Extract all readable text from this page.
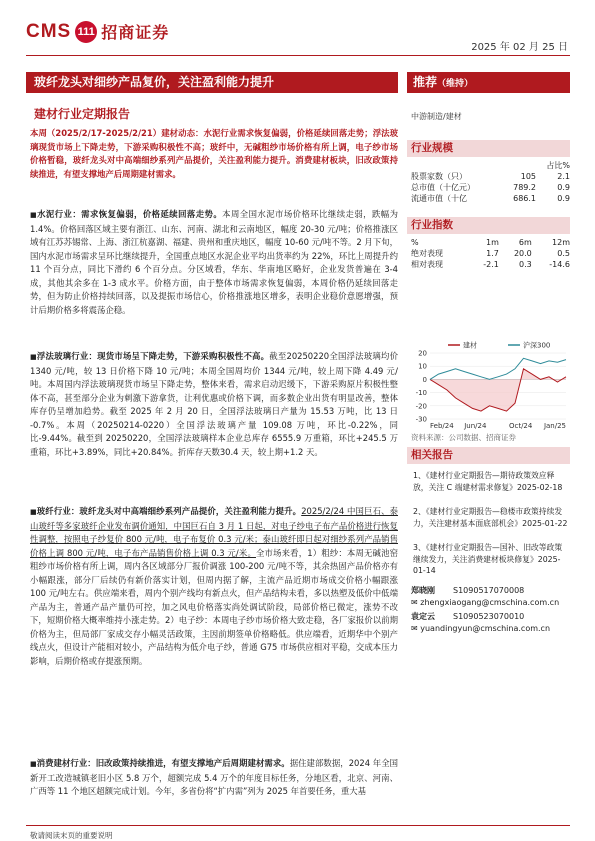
CMS 111 招商证券
2025 年 02 月 25 日
玻纤龙头对细纱产品复价，关注盈利能力提升	推荐（维持）
建材行业定期报告
本周（2025/2/17-2025/2/21）建材动态：水泥行业需求恢复偏弱，价格延续回落走势；浮法玻璃现货市场上下降走势，下游采购积极性不高；玻纤中，无碱粗纱市场价格有所上调，电子纱市场价格暂稳，玻纤龙头对中高端细纱系列产品提价，关注盈利能力提升。消费建材板块，旧改政策持续推进，有望支撑地产后周期建材需求。
■ 水泥行业：需求恢复偏弱，价格延续回落走势。本周全国水泥市场价格环比继续走弱，跌幅为 1.4%。价格回落区域主要有浙江、山东、河南、湖北和云南地区，幅度 20-30 元/吨；价格推涨区域有江苏苏锡常、上海、浙江杭嘉湖、福建、贵州和重庆地区，幅度 10-60 元/吨不等。2 月下旬，国内水泥市场需求呈环比继续提升，全国重点地区水泥企业平均出货率约为 22%，环比上周提升约 11 个百分点，同比下滑约 6 个百分点。分区域看，华东、华南地区略好，企业发货普遍在 3-4 成，其他其余多在 1-3 成水平。价格方面，由于整体市场需求恢复偏弱，本周价格仍延续回落走势，但为防止价格持续回落，以及提振市场信心，价格推涨地区增多，表明企业稳价意愿增强，预计后期价格多将震荡企稳。
■ 浮法玻璃行业：现货市场呈下降走势，下游采购积极性不高。截至20250220全国浮法玻璃均价 1340 元/吨，较 13 日价格下降 10 元/吨；本周全国周均价 1344 元/吨，较上周下降 4.49 元/吨。本周国内浮法玻璃现货市场呈下降走势，整体来看，需求启动迟缓下，下游采购原片积极性整体不高，甚至部分企业为刺激下游拿货，让利优惠或价格下调，而多数企业出货有明显改善，整体库存仍呈增加趋势。截至 2025 年 2 月 20 日，全国浮法玻璃日产量为 15.53 万吨，比 13 日 -0.7%。本周（20250214-0220）全国浮法玻璃产量 109.08 万吨，环比-0.22%，同比-9.44%。截至到 20250220，全国浮法玻璃样本企业总库存 6555.9 万重箱，环比+245.5 万重箱，环比+3.89%，同比+20.84%。折库存天数30.4 天，较上期+1.2 天。
■ 玻纤行业：玻纤龙头对中高端细纱系列产品提价，关注盈利能力提升。2025/2/24 中国巨石、泰山玻纤等多家玻纤企业发布调价通知，中国巨石自 3 月 1 日起，对电子纱电子布产品价格进行恢复性调整，按照电子纱复价 800 元/吨，电子布复价 0.3 元/米；泰山玻纤即日起对细纱系列产品销售价格上调 800 元/吨，电子布产品销售价格上调 0.3 元/米。全市场来看，1）粗纱：本周无碱池窑粗纱市场价格有所上调，周内各区域部分厂报价调涨 100-200 元/吨不等，其余热固产品价格亦有小幅跟涨，部分厂后续仍有新价落实计划，但周内据了解，主流产品近期市场成交价格小幅跟涨 100 元/吨左右。供应端来看，周内个别产线均有新点火，但产品结构未看，多以热塑及低价中低端产品为主，普通产品产量仍可控，加之风电价格落实尚处调试阶段，局部价格已微定，涨势不改下，短期价格大概率维持小涨走势。2）电子纱：本周电子纱市场价格大致走稳，各厂家报价以前期价格为主，但局部厂家成交存小幅灵活政策，主因前期签单价格略低。供应端看，近期华中个别产线点火，但设计产能相对较小，产品结构为低介电子纱，普通 G75 市场供应相对平稳，交成本压力影响，后期价格或存提涨预期。
■ 消费建材行业：旧改政策持续推进，有望支撑地产后周期建材需求。据住建部数据，2024 年全国新开工改造城镇老旧小区 5.8 万个，超额完成 5.4 万个的年度目标任务，分地区看，北京、河南、广西等 11 个地区超额完成计划。今年，多省份将“扩内需”列为 2025 年首要任务，重大基
中游制造/建材
行业规模
		占比%
股票家数（只）	105	2.1
总市值（十亿元）	789.2	0.9
流通市值（十亿	686.1	0.9
行业指数
%	1m	6m	12m
绝对表现	1.7	20.0	0.5
相对表现	-2.1	0.3	-14.6
建材	沪深300
20
10
0
-10
-20
-30
Feb/24 Jun/24	Oct/24 Jan/25
资料来源：公司数据、招商证券
相关报告
1、《建材行业定期报告—期待政策效应释放，关注 C 端建材需求修复》2025-02-18
2、《建材行业定期报告—稳楼市政策持续发力，关注建材基本面底部机会》2025-01-22
3、《建材行业定期报告—国补、旧改等政策继续发力，关注消费建材板块修复》2025-01-14
郑晓刚 S1090517070008
✉ zhengxiaogang@cmschina.com.cn
袁定云 S1090523070010
✉ yuandingyun@cmschina.com.cn
敬请阅读末页的重要说明
